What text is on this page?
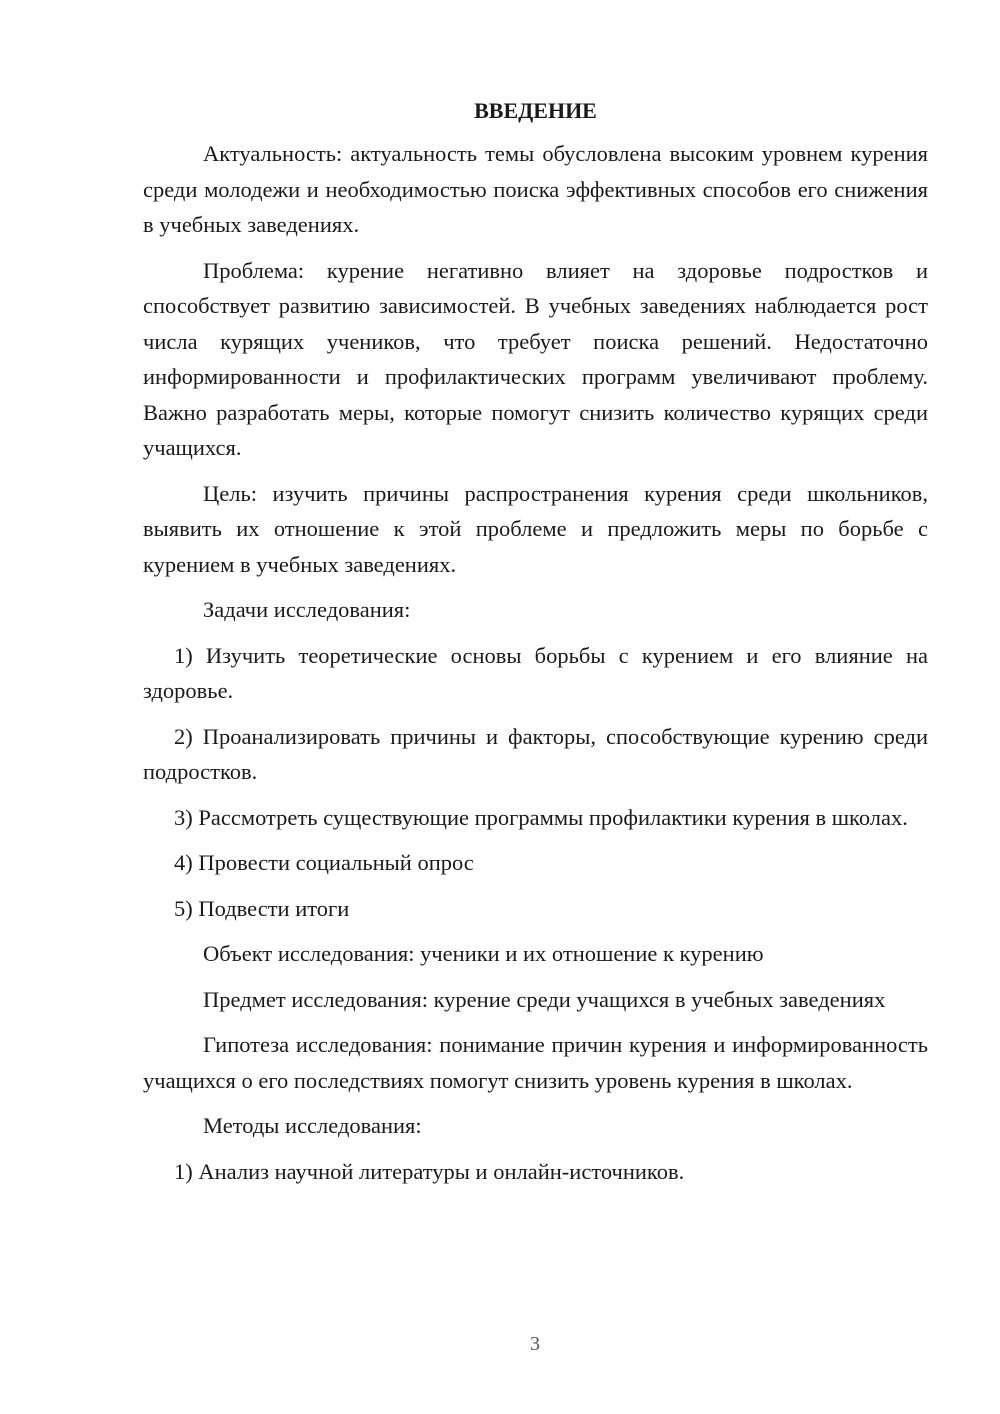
ВВЕДЕНИЕ

Актуальность: актуальность темы обусловлена высоким уровнем курения среди молодежи и необходимостью поиска эффективных способов его снижения в учебных заведениях.

Проблема: курение негативно влияет на здоровье подростков и способствует развитию зависимостей. В учебных заведениях наблюдается рост числа курящих учеников, что требует поиска решений. Недостаточно информированности и профилактических программ увеличивают проблему. Важно разработать меры, которые помогут снизить количество курящих среди учащихся.

Цель: изучить причины распространения курения среди школьников, выявить их отношение к этой проблеме и предложить меры по борьбе с курением в учебных заведениях.

Задачи исследования:

1) Изучить теоретические основы борьбы с курением и его влияние на здоровье.

2) Проанализировать причины и факторы, способствующие курению среди подростков.

3) Рассмотреть существующие программы профилактики курения в школах.

4) Провести социальный опрос

5) Подвести итоги

Объект исследования: ученики и их отношение к курению

Предмет исследования: курение среди учащихся в учебных заведениях

Гипотеза исследования: понимание причин курения и информированность учащихся о его последствиях помогут снизить уровень курения в школах.

Методы исследования:

1) Анализ научной литературы и онлайн-источников.

3
